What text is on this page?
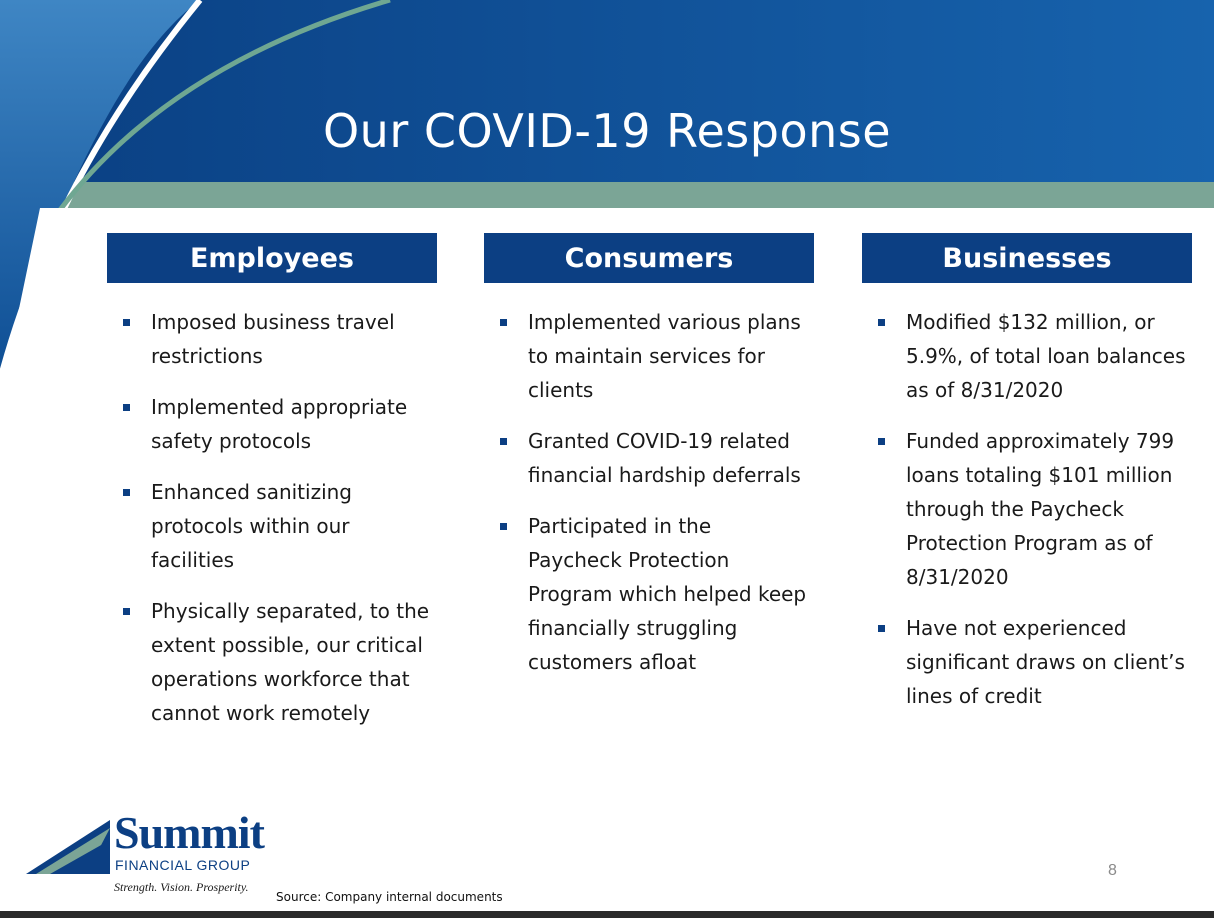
Our COVID-19 Response
Employees
Imposed business travel restrictions
Implemented appropriate safety protocols
Enhanced sanitizing protocols within our facilities
Physically separated, to the extent possible, our critical operations workforce that cannot work remotely
Consumers
Implemented various plans to maintain services for clients
Granted COVID-19 related financial hardship deferrals
Participated in the Paycheck Protection Program which helped keep financially struggling customers afloat
Businesses
Modified $132 million, or 5.9%, of total loan balances as of 8/31/2020
Funded approximately 799 loans totaling $101 million through the Paycheck Protection Program as of 8/31/2020
Have not experienced significant draws on client’s lines of credit
Summit
FINANCIAL GROUP
Strength. Vision. Prosperity.
Source: Company internal documents
8
